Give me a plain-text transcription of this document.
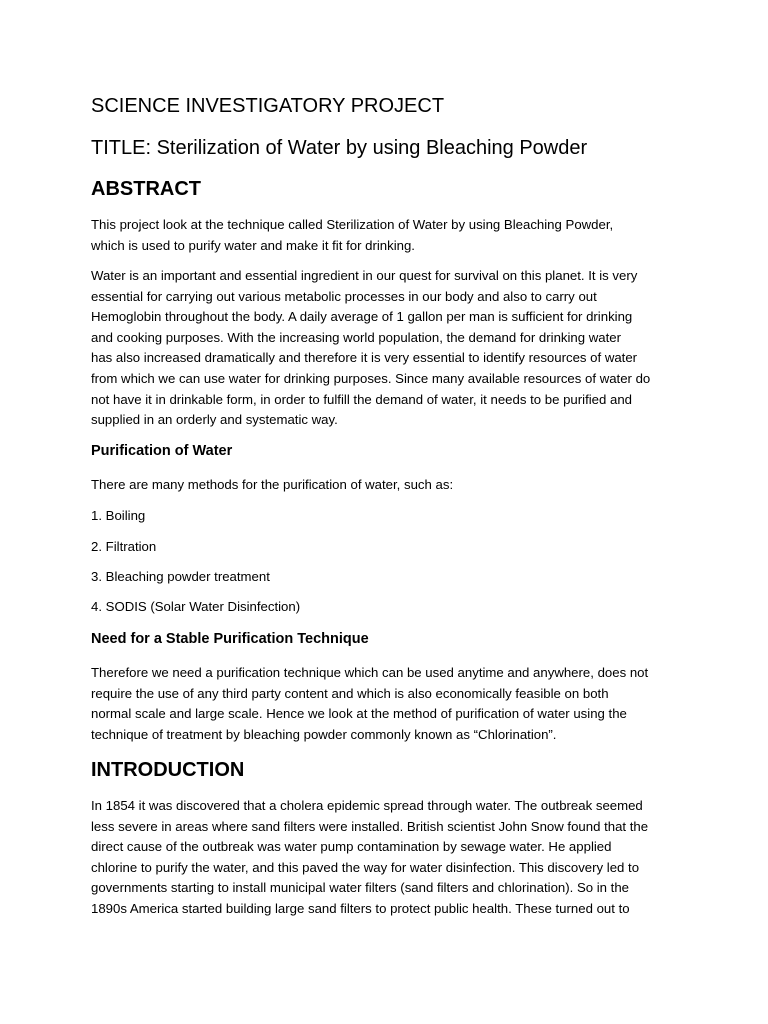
SCIENCE INVESTIGATORY PROJECT
TITLE: Sterilization of Water by using Bleaching Powder
ABSTRACT
This project look at the technique called Sterilization of Water by using Bleaching Powder,
which is used to purify water and make it fit for drinking.
Water is an important and essential ingredient in our quest for survival on this planet. It is very
essential for carrying out various metabolic processes in our body and also to carry out
Hemoglobin throughout the body. A daily average of 1 gallon per man is sufficient for drinking
and cooking purposes. With the increasing world population, the demand for drinking water
has also increased dramatically and therefore it is very essential to identify resources of water
from which we can use water for drinking purposes. Since many available resources of water do
not have it in drinkable form, in order to fulfill the demand of water, it needs to be purified and
supplied in an orderly and systematic way.
Purification of Water

There are many methods for the purification of water, such as:

1. Boiling

2. Filtration

3. Bleaching powder treatment

4. SODIS (Solar Water Disinfection)

Need for a Stable Purification Technique
Therefore we need a purification technique which can be used anytime and anywhere, does not
require the use of any third party content and which is also economically feasible on both
normal scale and large scale. Hence we look at the method of purification of water using the
technique of treatment by bleaching powder commonly known as “Chlorination”.
INTRODUCTION
In 1854 it was discovered that a cholera epidemic spread through water. The outbreak seemed
less severe in areas where sand filters were installed. British scientist John Snow found that the
direct cause of the outbreak was water pump contamination by sewage water. He applied
chlorine to purify the water, and this paved the way for water disinfection. This discovery led to
governments starting to install municipal water filters (sand filters and chlorination). So in the
1890s America started building large sand filters to protect public health. These turned out to
